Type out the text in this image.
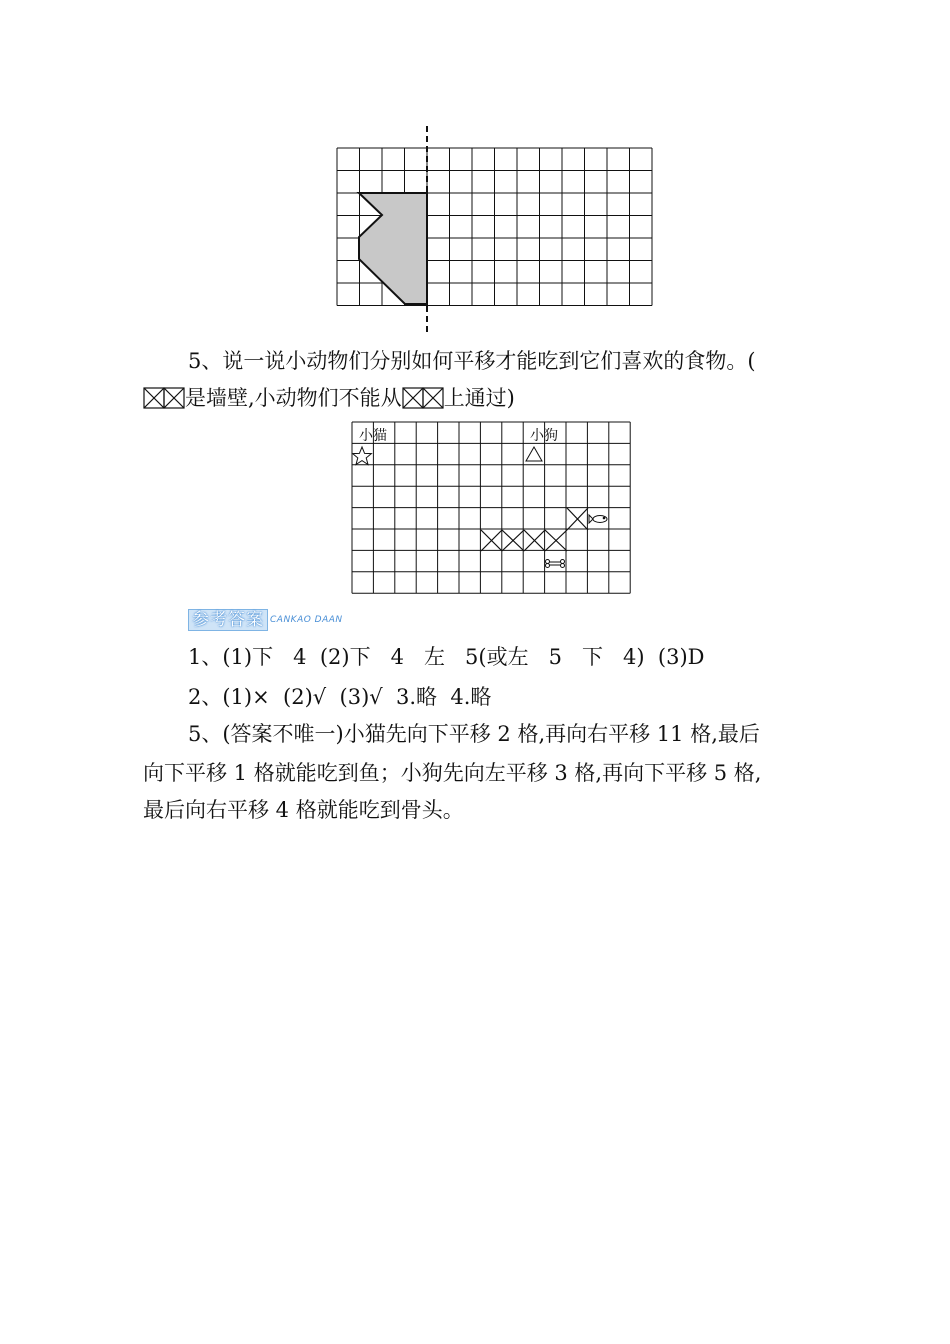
5、说一说小动物们分别如何平移才能吃到它们喜欢的食物。(
是墙壁,小动物们不能从 上通过)
小猫	小狗
参考答案 CANKAO DAAN
1、(1)下   4  (2)下   4   左   5(或左   5   下   4)  (3)D
2、(1)×  (2)√  (3)√  3.略  4.略
5、(答案不唯一)小猫先向下平移 2 格,再向右平移 11 格,最后
向下平移 1 格就能吃到鱼；小狗先向左平移 3 格,再向下平移 5 格,
最后向右平移 4 格就能吃到骨头。
